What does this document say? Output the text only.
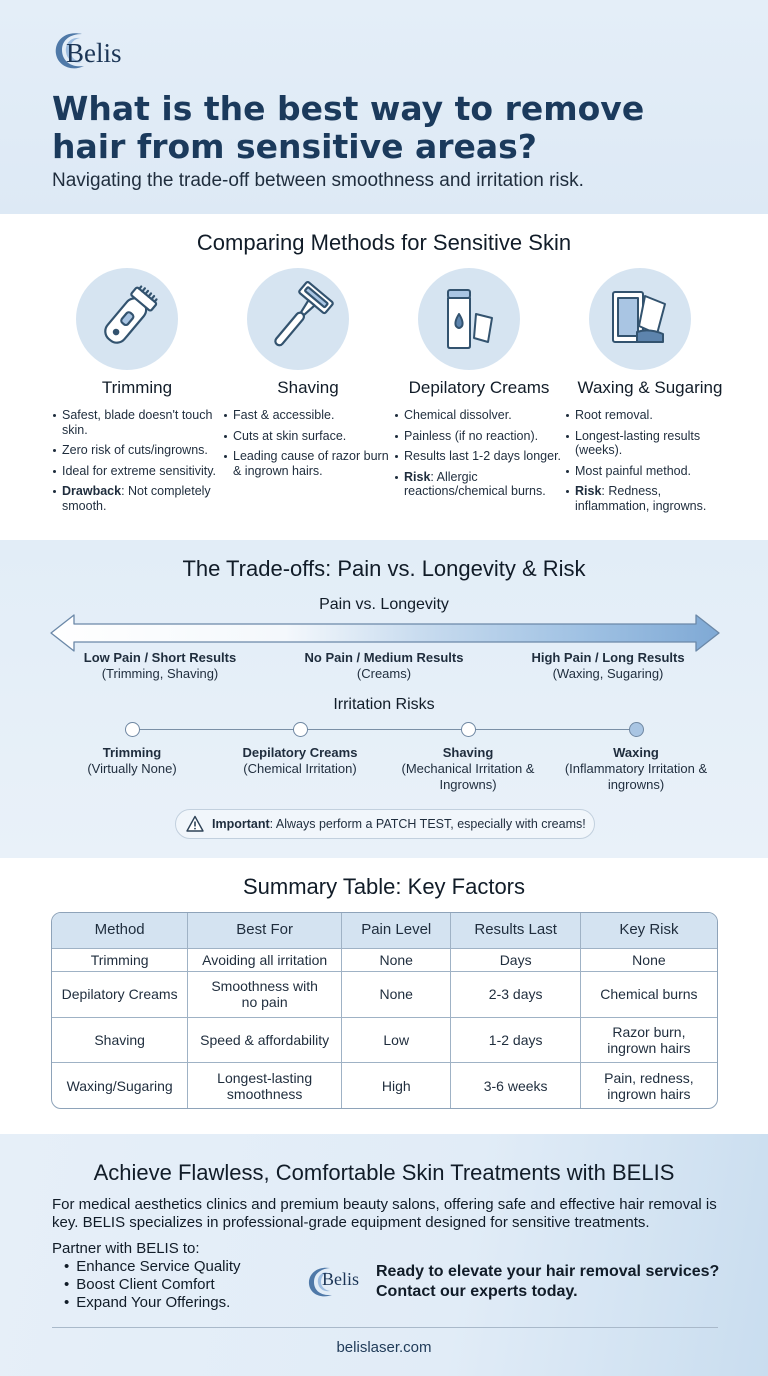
Belis
What is the best way to remove hair from sensitive areas?

Navigating the trade-off between smoothness and irritation risk.

Comparing Methods for Sensitive Skin
Trimming
Safest, blade doesn't touch skin.
Zero risk of cuts/ingrowns.
Ideal for extreme sensitivity.
Drawback: Not completely smooth.
Shaving
Fast & accessible.
Cuts at skin surface.
Leading cause of razor burn & ingrown hairs.
Depilatory Creams
Chemical dissolver.
Painless (if no reaction).
Results last 1-2 days longer.
Risk: Allergic reactions/chemical burns.
Waxing & Sugaring
Root removal.
Longest-lasting results (weeks).
Most painful method.
Risk: Redness, inflammation, ingrowns.
The Trade-offs: Pain vs. Longevity & Risk
Pain vs. Longevity
Low Pain / Short Results
(Trimming, Shaving)
No Pain / Medium Results
(Creams)
High Pain / Long Results
(Waxing, Sugaring)
Irritation Risks
Trimming
(Virtually None)
Depilatory Creams
(Chemical Irritation)
Shaving
(Mechanical Irritation & Ingrowns)
Waxing
(Inflammatory Irritation & ingrowns)
Important: Always perform a PATCH TEST, especially with creams!
Summary Table: Key Factors
Method	Best For	Pain Level	Results Last	Key Risk
Trimming	Avoiding all irritation	None	Days	None
Depilatory Creams	Smoothness with no pain	None	2-3 days	Chemical burns
Shaving	Speed & affordability	Low	1-2 days	Razor burn, ingrown hairs
Waxing/Sugaring	Longest-lasting smoothness	High	3-6 weeks	Pain, redness, ingrown hairs
Achieve Flawless, Comfortable Skin Treatments with BELIS

For medical aesthetics clinics and premium beauty salons, offering safe and effective hair removal is key. BELIS specializes in professional-grade equipment designed for sensitive treatments.

Partner with BELIS to:
• Enhance Service Quality
• Boost Client Comfort
• Expand Your Offerings.
Belis Ready to elevate your hair removal services? Contact our experts today.
belislaser.com
